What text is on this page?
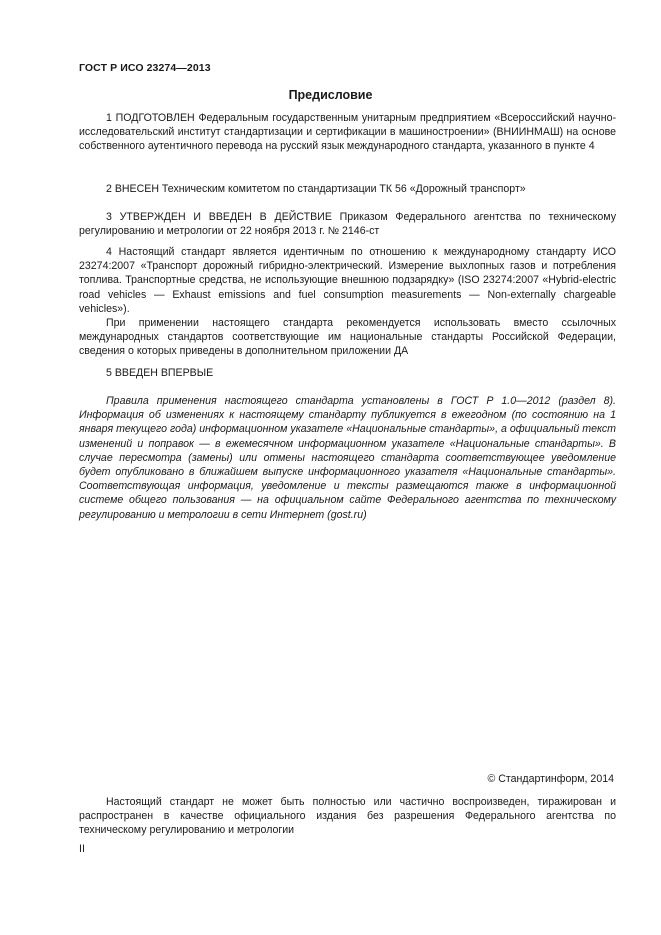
ГОСТ Р ИСО 23274—2013
Предисловие

1 ПОДГОТОВЛЕН Федеральным государственным унитарным предприятием «Всероссийский научно-исследовательский институт стандартизации и сертификации в машиностроении» (ВНИИНМАШ) на основе собственного аутентичного перевода на русский язык международного стандарта, указанного в пункте 4

2 ВНЕСЕН Техническим комитетом по стандартизации ТК 56 «Дорожный транспорт»

3 УТВЕРЖДЕН И ВВЕДЕН В ДЕЙСТВИЕ Приказом Федерального агентства по техническому регулированию и метрологии от 22 ноября 2013 г. № 2146-ст

4 Настоящий стандарт является идентичным по отношению к международному стандарту ИСО 23274:2007 «Транспорт дорожный гибридно-электрический. Измерение выхлопных газов и потребления топлива. Транспортные средства, не использующие внешнюю подзарядку» (ISO 23274:2007 «Hybrid-electric road vehicles — Exhaust emissions and fuel consumption measurements — Non-externally chargeable vehicles»).

При применении настоящего стандарта рекомендуется использовать вместо ссылочных международных стандартов соответствующие им национальные стандарты Российской Федерации, сведения о которых приведены в дополнительном приложении ДА

5 ВВЕДЕН ВПЕРВЫЕ

Правила применения настоящего стандарта установлены в ГОСТ Р 1.0—2012 (раздел 8). Информация об изменениях к настоящему стандарту публикуется в ежегодном (по состоянию на 1 января текущего года) информационном указателе «Национальные стандарты», а официальный текст изменений и поправок — в ежемесячном информационном указателе «Национальные стандарты». В случае пересмотра (замены) или отмены настоящего стандарта соответствующее уведомление будет опубликовано в ближайшем выпуске информационного указателя «Национальные стандарты». Соответствующая информация, уведомление и тексты размещаются также в информационной системе общего пользования — на официальном сайте Федерального агентства по техническому регулированию и метрологии в сети Интернет (gost.ru)

© Стандартинформ, 2014

Настоящий стандарт не может быть полностью или частично воспроизведен, тиражирован и распространен в качестве официального издания без разрешения Федерального агентства по техническому регулированию и метрологии

II
